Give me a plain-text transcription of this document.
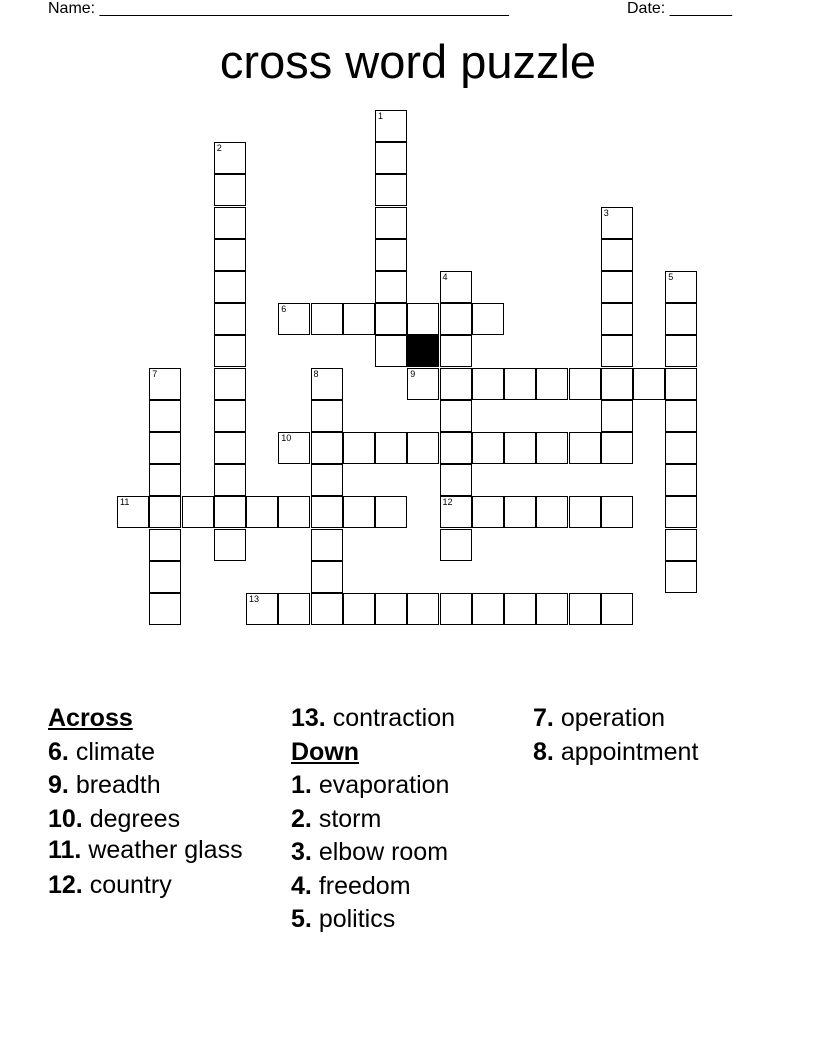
Name: ______________________________________________	Date: _______
cross word puzzle
6
9
10
11	12
13
1
2
3
4	5
7	8
Across
6. climate
9. breadth
10. degrees
11. weather glass
12. country
13. contraction
Down
1. evaporation
2. storm
3. elbow room
4. freedom
5. politics
7. operation
8. appointment
